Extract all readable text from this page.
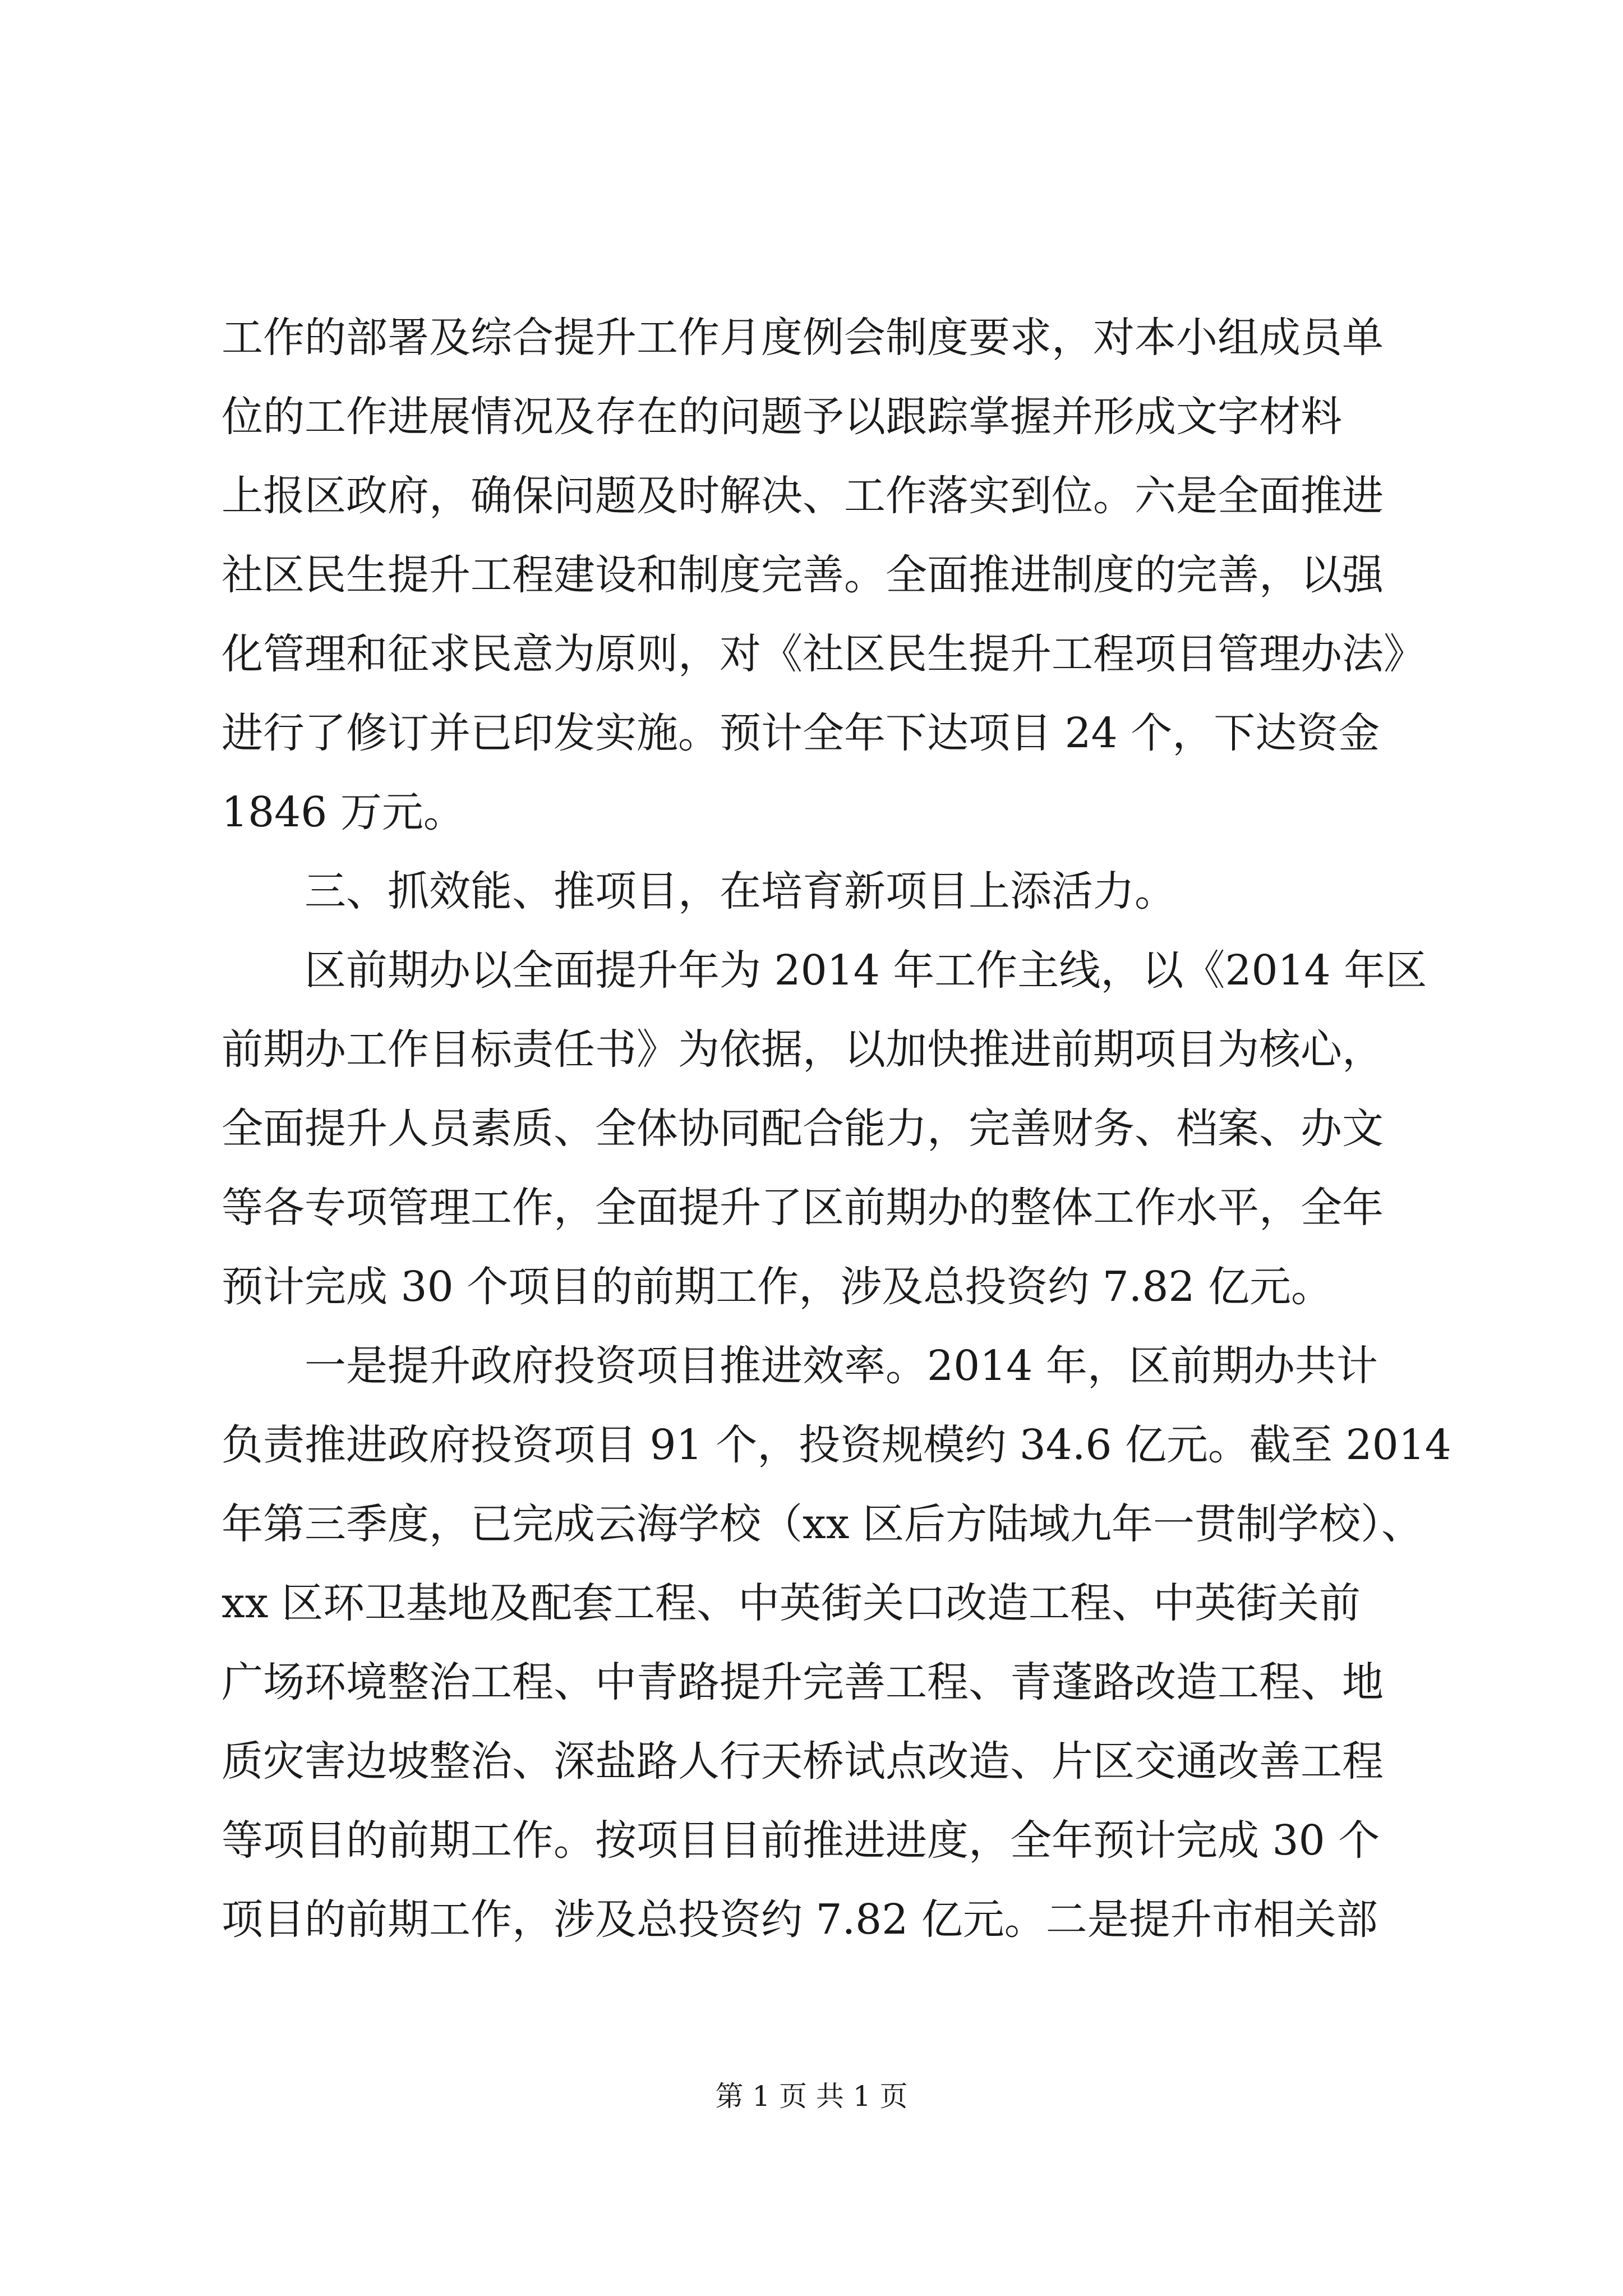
工作的部署及综合提升工作月度例会制度要求，对本小组成员单
位的工作进展情况及存在的问题予以跟踪掌握并形成文字材料
上报区政府，确保问题及时解决、工作落实到位。六是全面推进
社区民生提升工程建设和制度完善。全面推进制度的完善，以强
化管理和征求民意为原则，对《社区民生提升工程项目管理办法》
进行了修订并已印发实施。预计全年下达项目 24 个，下达资金
1846 万元。
三、抓效能、推项目，在培育新项目上添活力。
区前期办以全面提升年为 2014 年工作主线，以《2014 年区
前期办工作目标责任书》为依据，以加快推进前期项目为核心，
全面提升人员素质、全体协同配合能力，完善财务、档案、办文
等各专项管理工作，全面提升了区前期办的整体工作水平，全年
预计完成 30 个项目的前期工作，涉及总投资约 7.82 亿元。
一是提升政府投资项目推进效率。2014 年，区前期办共计
负责推进政府投资项目 91 个，投资规模约 34.6 亿元。截至 2014
年第三季度，已完成云海学校（xx 区后方陆域九年一贯制学校）、
xx 区环卫基地及配套工程、中英街关口改造工程、中英街关前
广场环境整治工程、中青路提升完善工程、青蓬路改造工程、地
质灾害边坡整治、深盐路人行天桥试点改造、片区交通改善工程
等项目的前期工作。按项目目前推进进度，全年预计完成 30 个
项目的前期工作，涉及总投资约 7.82 亿元。二是提升市相关部
第 1 页 共 1 页
